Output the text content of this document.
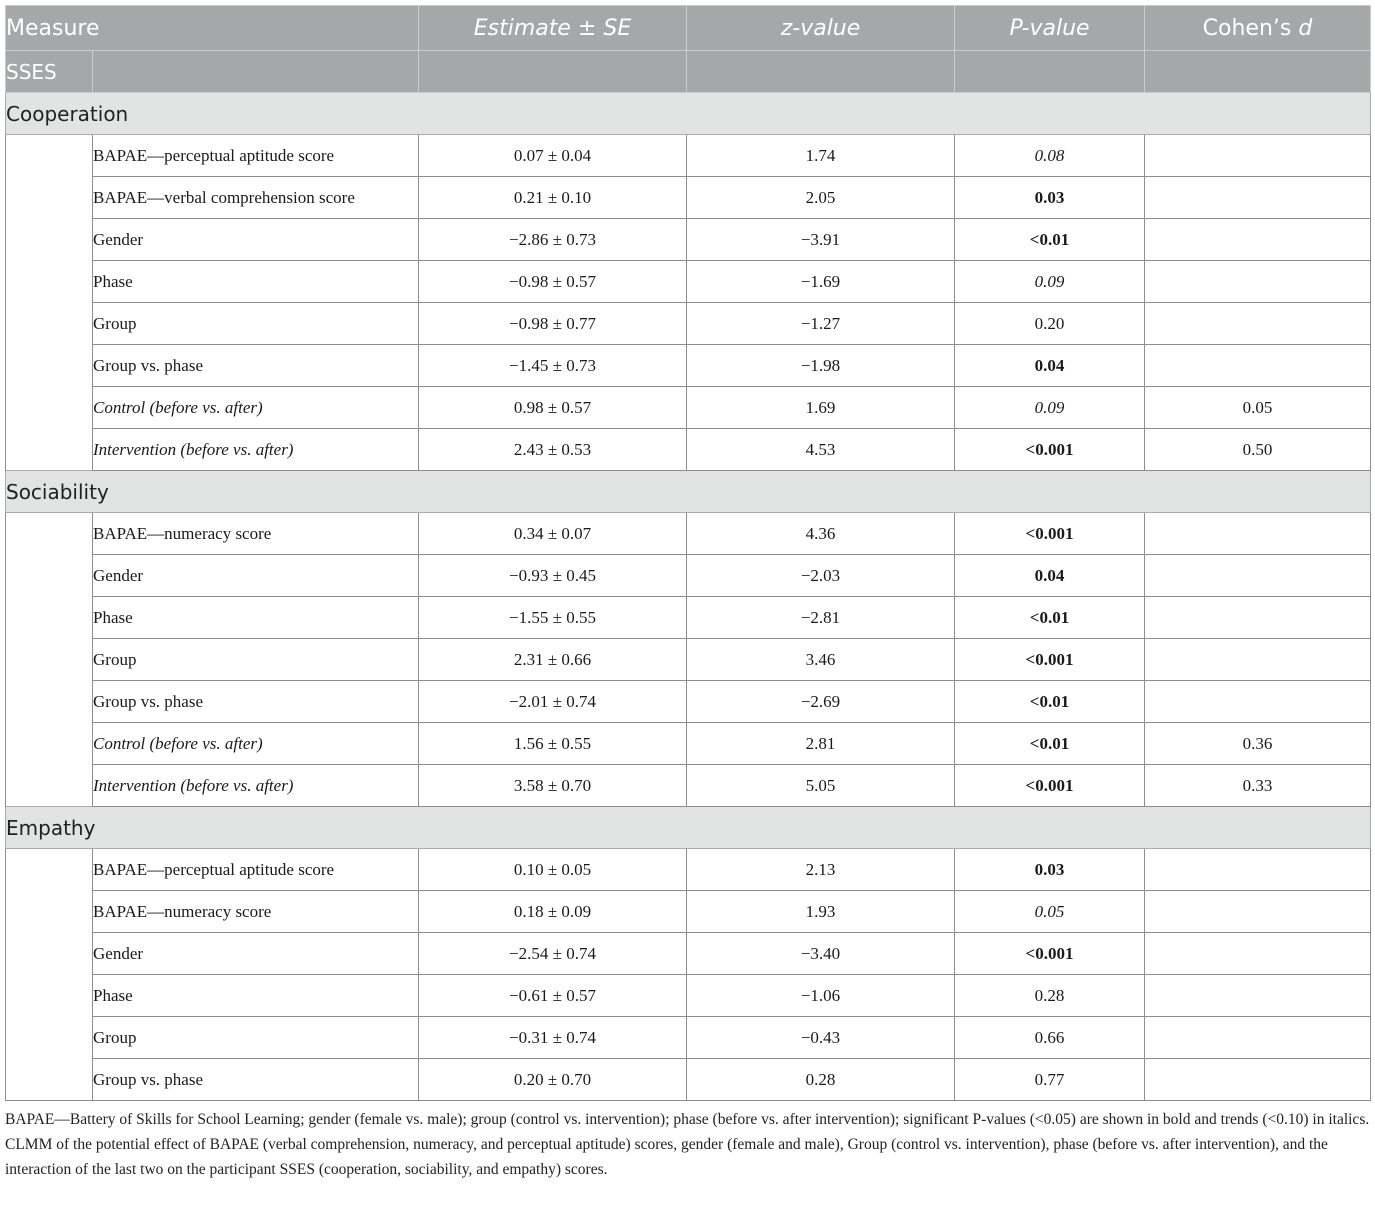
Measure		Estimate ± SE	z-value	P-value	Cohen’s d
SSES					
Cooperation					
	BAPAE—perceptual aptitude score	0.07 ± 0.04	1.74	0.08	
	BAPAE—verbal comprehension score	0.21 ± 0.10	2.05	0.03	
	Gender	−2.86 ± 0.73	−3.91	<0.01	
	Phase	−0.98 ± 0.57	−1.69	0.09	
	Group	−0.98 ± 0.77	−1.27	0.20	
	Group vs. phase	−1.45 ± 0.73	−1.98	0.04	
	Control (before vs. after)	0.98 ± 0.57	1.69	0.09	0.05
	Intervention (before vs. after)	2.43 ± 0.53	4.53	<0.001	0.50
Sociability					
	BAPAE—numeracy score	0.34 ± 0.07	4.36	<0.001	
	Gender	−0.93 ± 0.45	−2.03	0.04	
	Phase	−1.55 ± 0.55	−2.81	<0.01	
	Group	2.31 ± 0.66	3.46	<0.001	
	Group vs. phase	−2.01 ± 0.74	−2.69	<0.01	
	Control (before vs. after)	1.56 ± 0.55	2.81	<0.01	0.36
	Intervention (before vs. after)	3.58 ± 0.70	5.05	<0.001	0.33
Empathy					
	BAPAE—perceptual aptitude score	0.10 ± 0.05	2.13	0.03	
	BAPAE—numeracy score	0.18 ± 0.09	1.93	0.05	
	Gender	−2.54 ± 0.74	−3.40	<0.001	
	Phase	−0.61 ± 0.57	−1.06	0.28	
	Group	−0.31 ± 0.74	−0.43	0.66	
	Group vs. phase	0.20 ± 0.70	0.28	0.77	

BAPAE—Battery of Skills for School Learning; gender (female vs. male); group (control vs. intervention); phase (before vs. after intervention); significant P-values (<0.05) are shown in bold and trends (<0.10) in italics.

CLMM of the potential effect of BAPAE (verbal comprehension, numeracy, and perceptual aptitude) scores, gender (female and male), Group (control vs. intervention), phase (before vs. after intervention), and the interaction of the last two on the participant SSES (cooperation, sociability, and empathy) scores.
